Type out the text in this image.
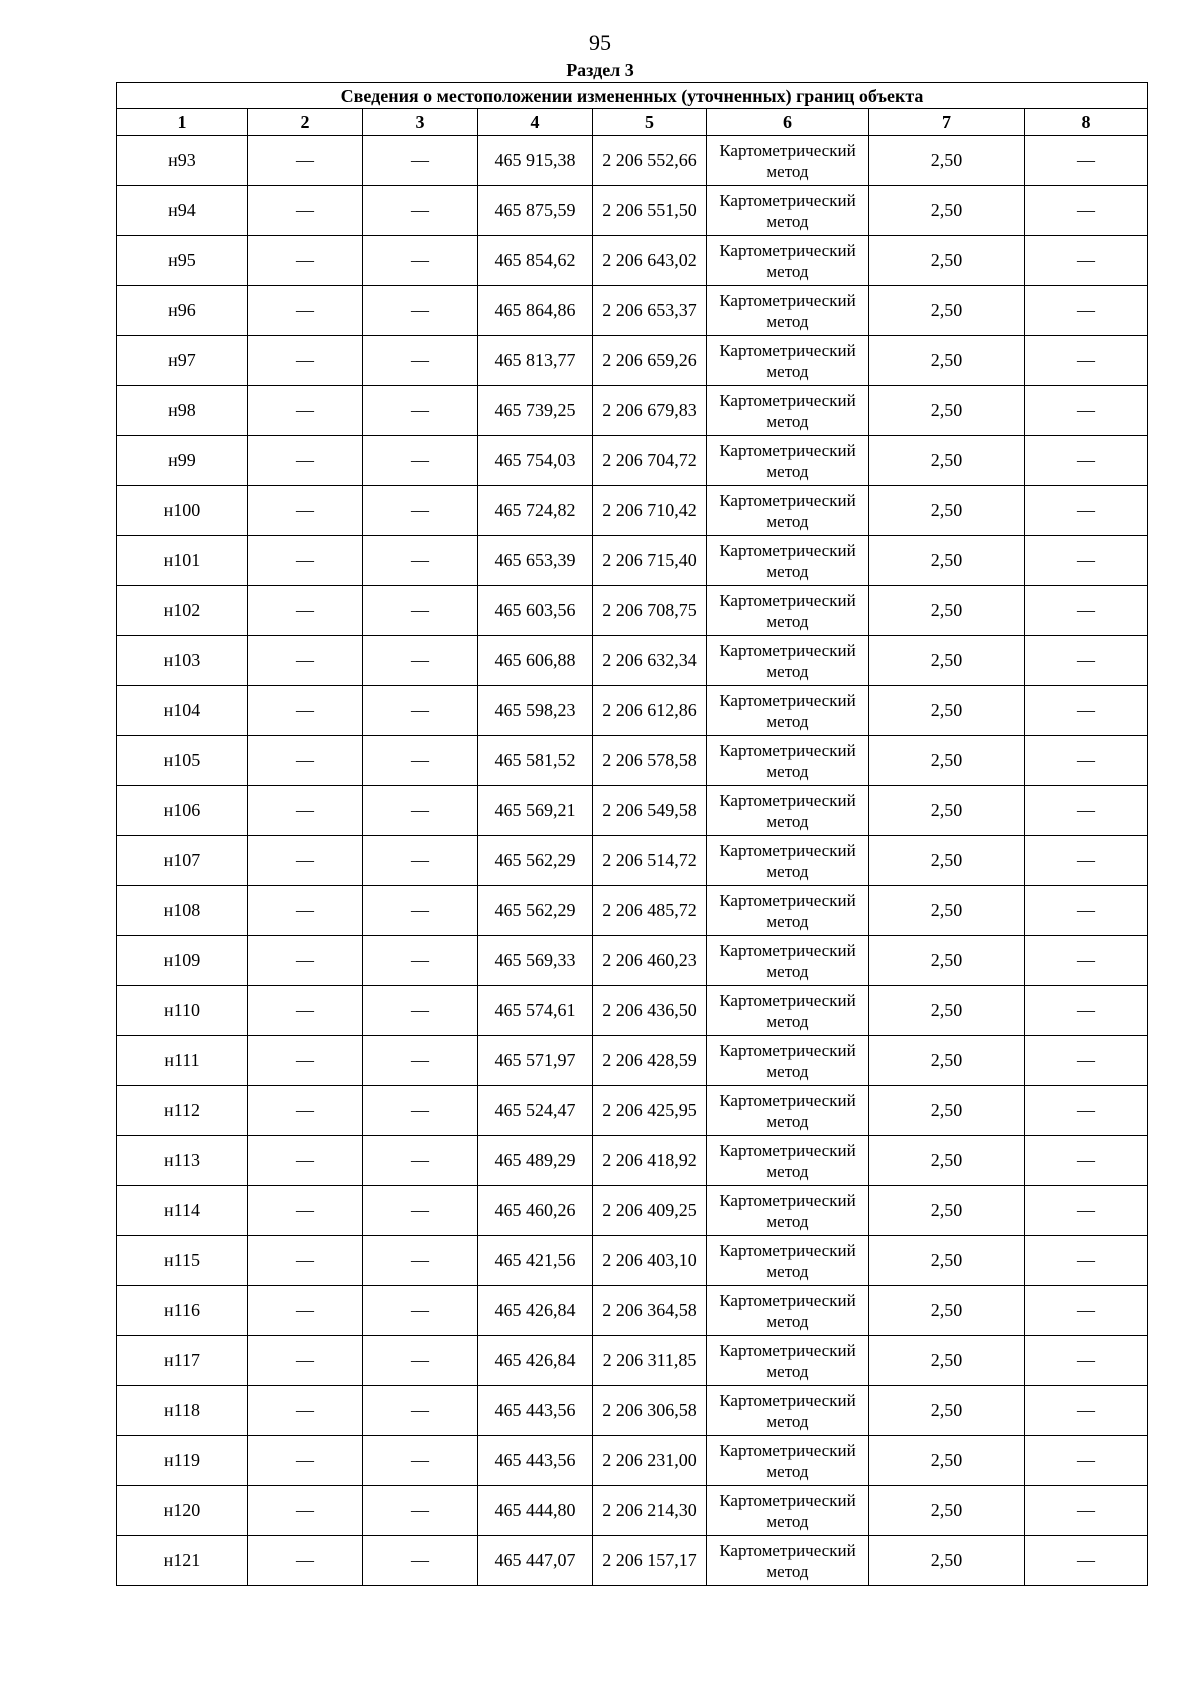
95
Раздел 3
Сведения о местоположении измененных (уточненных) границ объекта							
1	2	3	4	5	6	7	8
н93	—	—	465 915,38	2 206 552,66	Картометрический метод	2,50	—
н94	—	—	465 875,59	2 206 551,50	Картометрический метод	2,50	—
н95	—	—	465 854,62	2 206 643,02	Картометрический метод	2,50	—
н96	—	—	465 864,86	2 206 653,37	Картометрический метод	2,50	—
н97	—	—	465 813,77	2 206 659,26	Картометрический метод	2,50	—
н98	—	—	465 739,25	2 206 679,83	Картометрический метод	2,50	—
н99	—	—	465 754,03	2 206 704,72	Картометрический метод	2,50	—
н100	—	—	465 724,82	2 206 710,42	Картометрический метод	2,50	—
н101	—	—	465 653,39	2 206 715,40	Картометрический метод	2,50	—
н102	—	—	465 603,56	2 206 708,75	Картометрический метод	2,50	—
н103	—	—	465 606,88	2 206 632,34	Картометрический метод	2,50	—
н104	—	—	465 598,23	2 206 612,86	Картометрический метод	2,50	—
н105	—	—	465 581,52	2 206 578,58	Картометрический метод	2,50	—
н106	—	—	465 569,21	2 206 549,58	Картометрический метод	2,50	—
н107	—	—	465 562,29	2 206 514,72	Картометрический метод	2,50	—
н108	—	—	465 562,29	2 206 485,72	Картометрический метод	2,50	—
н109	—	—	465 569,33	2 206 460,23	Картометрический метод	2,50	—
н110	—	—	465 574,61	2 206 436,50	Картометрический метод	2,50	—
н111	—	—	465 571,97	2 206 428,59	Картометрический метод	2,50	—
н112	—	—	465 524,47	2 206 425,95	Картометрический метод	2,50	—
н113	—	—	465 489,29	2 206 418,92	Картометрический метод	2,50	—
н114	—	—	465 460,26	2 206 409,25	Картометрический метод	2,50	—
н115	—	—	465 421,56	2 206 403,10	Картометрический метод	2,50	—
н116	—	—	465 426,84	2 206 364,58	Картометрический метод	2,50	—
н117	—	—	465 426,84	2 206 311,85	Картометрический метод	2,50	—
н118	—	—	465 443,56	2 206 306,58	Картометрический метод	2,50	—
н119	—	—	465 443,56	2 206 231,00	Картометрический метод	2,50	—
н120	—	—	465 444,80	2 206 214,30	Картометрический метод	2,50	—
н121	—	—	465 447,07	2 206 157,17	Картометрический метод	2,50	—
